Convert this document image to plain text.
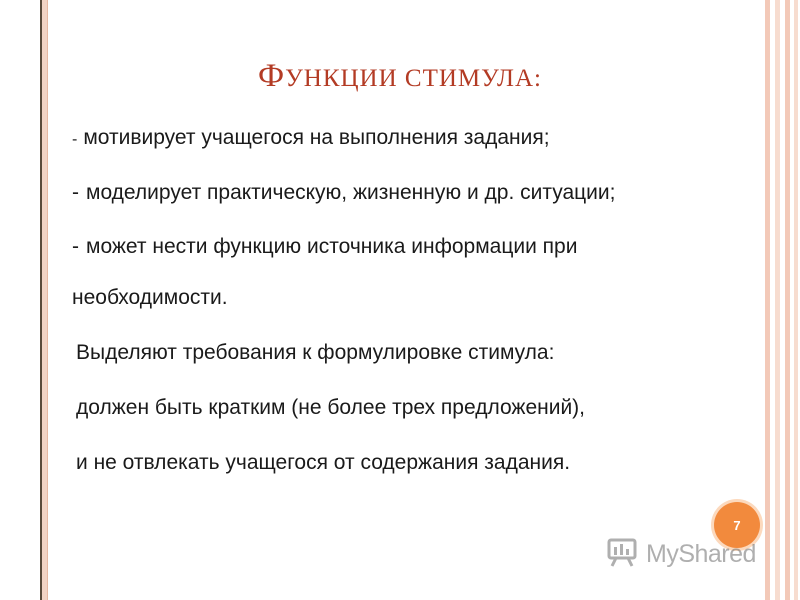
ФУНКЦИИ СТИМУЛА:
- мотивирует учащегося на выполнения задания;
- моделирует практическую, жизненную и др. ситуации;
- может нести функцию источника информации при
необходимости.
Выделяют требования к формулировке стимула:
должен быть кратким (не более трех предложений),
и не отвлекать учащегося от содержания задания.
7
MyShared
